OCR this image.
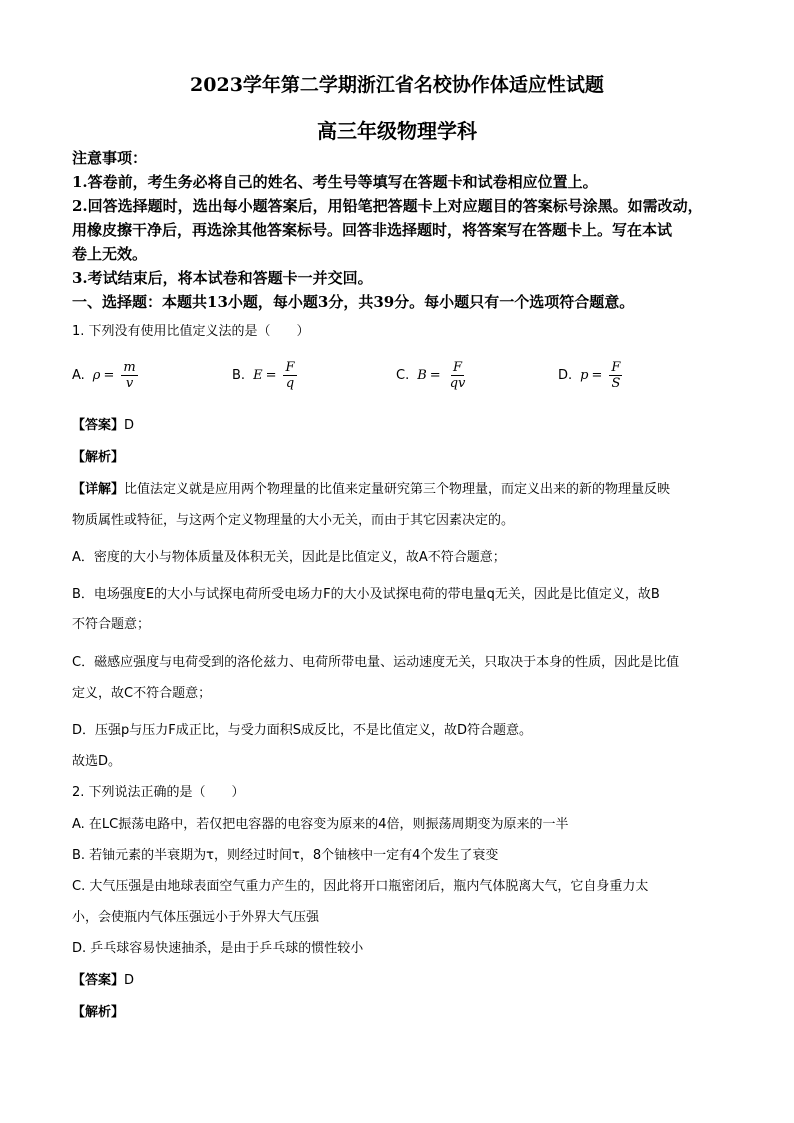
2023学年第二学期浙江省名校协作体适应性试题
高三年级物理学科
注意事项：
1.答卷前，考生务必将自己的姓名、考生号等填写在答题卡和试卷相应位置上。
2.回答选择题时，选出每小题答案后，用铅笔把答题卡上对应题目的答案标号涂黑。如需改动，
用橡皮擦干净后，再选涂其他答案标号。回答非选择题时，将答案写在答题卡上。写在本试
卷上无效。
3.考试结束后，将本试卷和答题卡一并交回。
一、选择题：本题共13小题，每小题3分，共39分。每小题只有一个选项符合题意。
1. 下列没有使用比值定义法的是（　　）
A. $\rho = \frac{m}{v}$	B. $E = \frac{F}{q}$	C. $B = \frac{F}{qv}$	D. $p = \frac{F}{S}$
【答案】D
【解析】
【详解】比值法定义就是应用两个物理量的比值来定量研究第三个物理量，而定义出来的新的物理量反映
物质属性或特征，与这两个定义物理量的大小无关，而由于其它因素决定的。
A．密度的大小与物体质量及体积无关，因此是比值定义，故A不符合题意；
B．电场强度E的大小与试探电荷所受电场力F的大小及试探电荷的带电量q无关，因此是比值定义，故B
不符合题意；
C．磁感应强度与电荷受到的洛伦兹力、电荷所带电量、运动速度无关，只取决于本身的性质，因此是比值
定义，故C不符合题意；
D．压强p与压力F成正比，与受力面积S成反比，不是比值定义，故D符合题意。
故选D。
2. 下列说法正确的是（　　）
A. 在LC振荡电路中，若仅把电容器的电容变为原来的4倍，则振荡周期变为原来的一半
B. 若铀元素的半衰期为τ，则经过时间τ，8个铀核中一定有4个发生了衰变
C. 大气压强是由地球表面空气重力产生的，因此将开口瓶密闭后，瓶内气体脱离大气，它自身重力太
小，会使瓶内气体压强远小于外界大气压强
D. 乒乓球容易快速抽杀，是由于乒乓球的惯性较小
【答案】D
【解析】
